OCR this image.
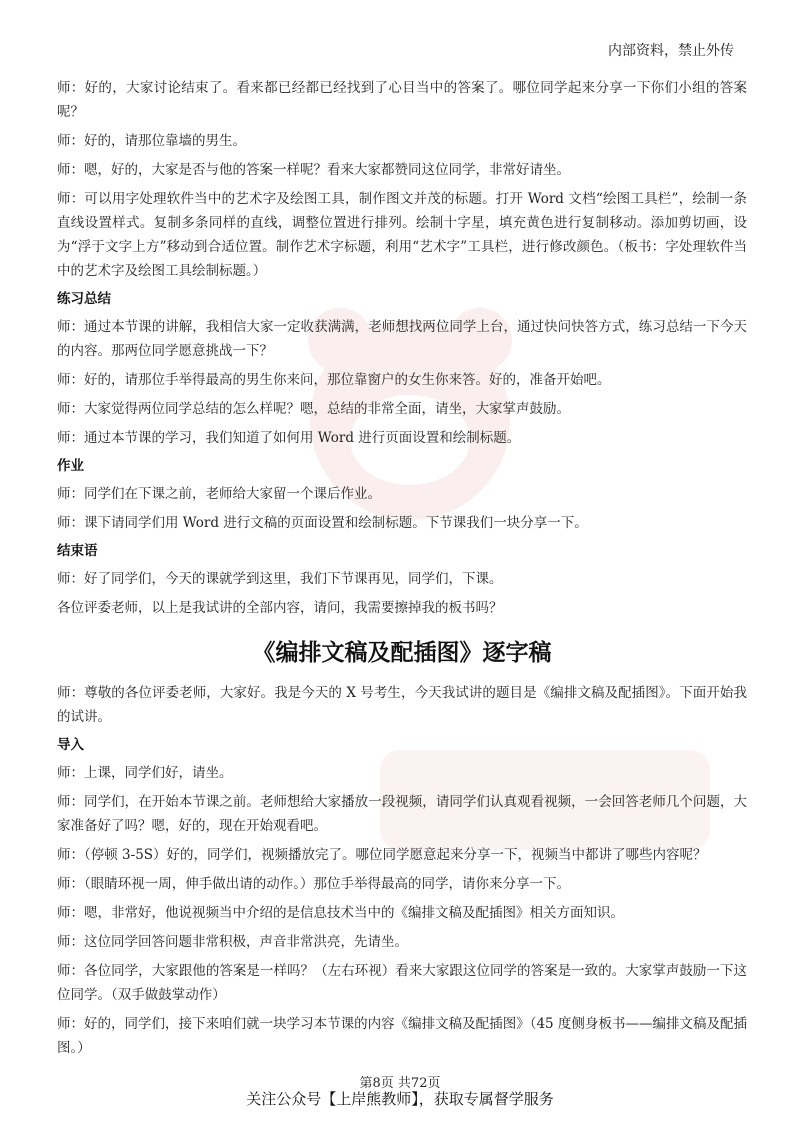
内部资料，禁止外传

师：好的，大家讨论结束了。看来都已经都已经找到了心目当中的答案了。哪位同学起来分享一下你们小组的答案呢？

师：好的，请那位靠墙的男生。

师：嗯，好的，大家是否与他的答案一样呢？看来大家都赞同这位同学，非常好请坐。

师：可以用字处理软件当中的艺术字及绘图工具，制作图文并茂的标题。打开 Word 文档“绘图工具栏”，绘制一条直线设置样式。复制多条同样的直线，调整位置进行排列。绘制十字星，填充黄色进行复制移动。添加剪切画，设为“浮于文字上方”移动到合适位置。制作艺术字标题，利用“艺术字”工具栏，进行修改颜色。（板书：字处理软件当中的艺术字及绘图工具绘制标题。）

练习总结

师：通过本节课的讲解，我相信大家一定收获满满，老师想找两位同学上台，通过快问快答方式，练习总结一下今天的内容。那两位同学愿意挑战一下？

师：好的，请那位手举得最高的男生你来问，那位靠窗户的女生你来答。好的，准备开始吧。

师：大家觉得两位同学总结的怎么样呢？嗯，总结的非常全面，请坐，大家掌声鼓励。

师：通过本节课的学习，我们知道了如何用 Word 进行页面设置和绘制标题。

作业

师：同学们在下课之前，老师给大家留一个课后作业。

师：课下请同学们用 Word 进行文稿的页面设置和绘制标题。下节课我们一块分享一下。

结束语

师：好了同学们，今天的课就学到这里，我们下节课再见，同学们，下课。

各位评委老师，以上是我试讲的全部内容，请问，我需要擦掉我的板书吗？

《编排文稿及配插图》逐字稿

师：尊敬的各位评委老师，大家好。我是今天的 X 号考生，今天我试讲的题目是《编排文稿及配插图》。下面开始我的试讲。

导入

师：上课，同学们好，请坐。

师：同学们，在开始本节课之前。老师想给大家播放一段视频，请同学们认真观看视频，一会回答老师几个问题，大家准备好了吗？嗯，好的，现在开始观看吧。

师：（停顿 3-5S）好的，同学们，视频播放完了。哪位同学愿意起来分享一下，视频当中都讲了哪些内容呢？

师：（眼睛环视一周，伸手做出请的动作。）那位手举得最高的同学，请你来分享一下。

师：嗯，非常好，他说视频当中介绍的是信息技术当中的《编排文稿及配插图》相关方面知识。

师：这位同学回答问题非常积极，声音非常洪亮，先请坐。

师：各位同学，大家跟他的答案是一样吗？（左右环视）看来大家跟这位同学的答案是一致的。大家掌声鼓励一下这位同学。（双手做鼓掌动作）

师：好的，同学们，接下来咱们就一块学习本节课的内容《编排文稿及配插图》（45 度侧身板书——编排文稿及配插图。）

第8页 共72页
关注公众号【上岸熊教师】，获取专属督学服务
